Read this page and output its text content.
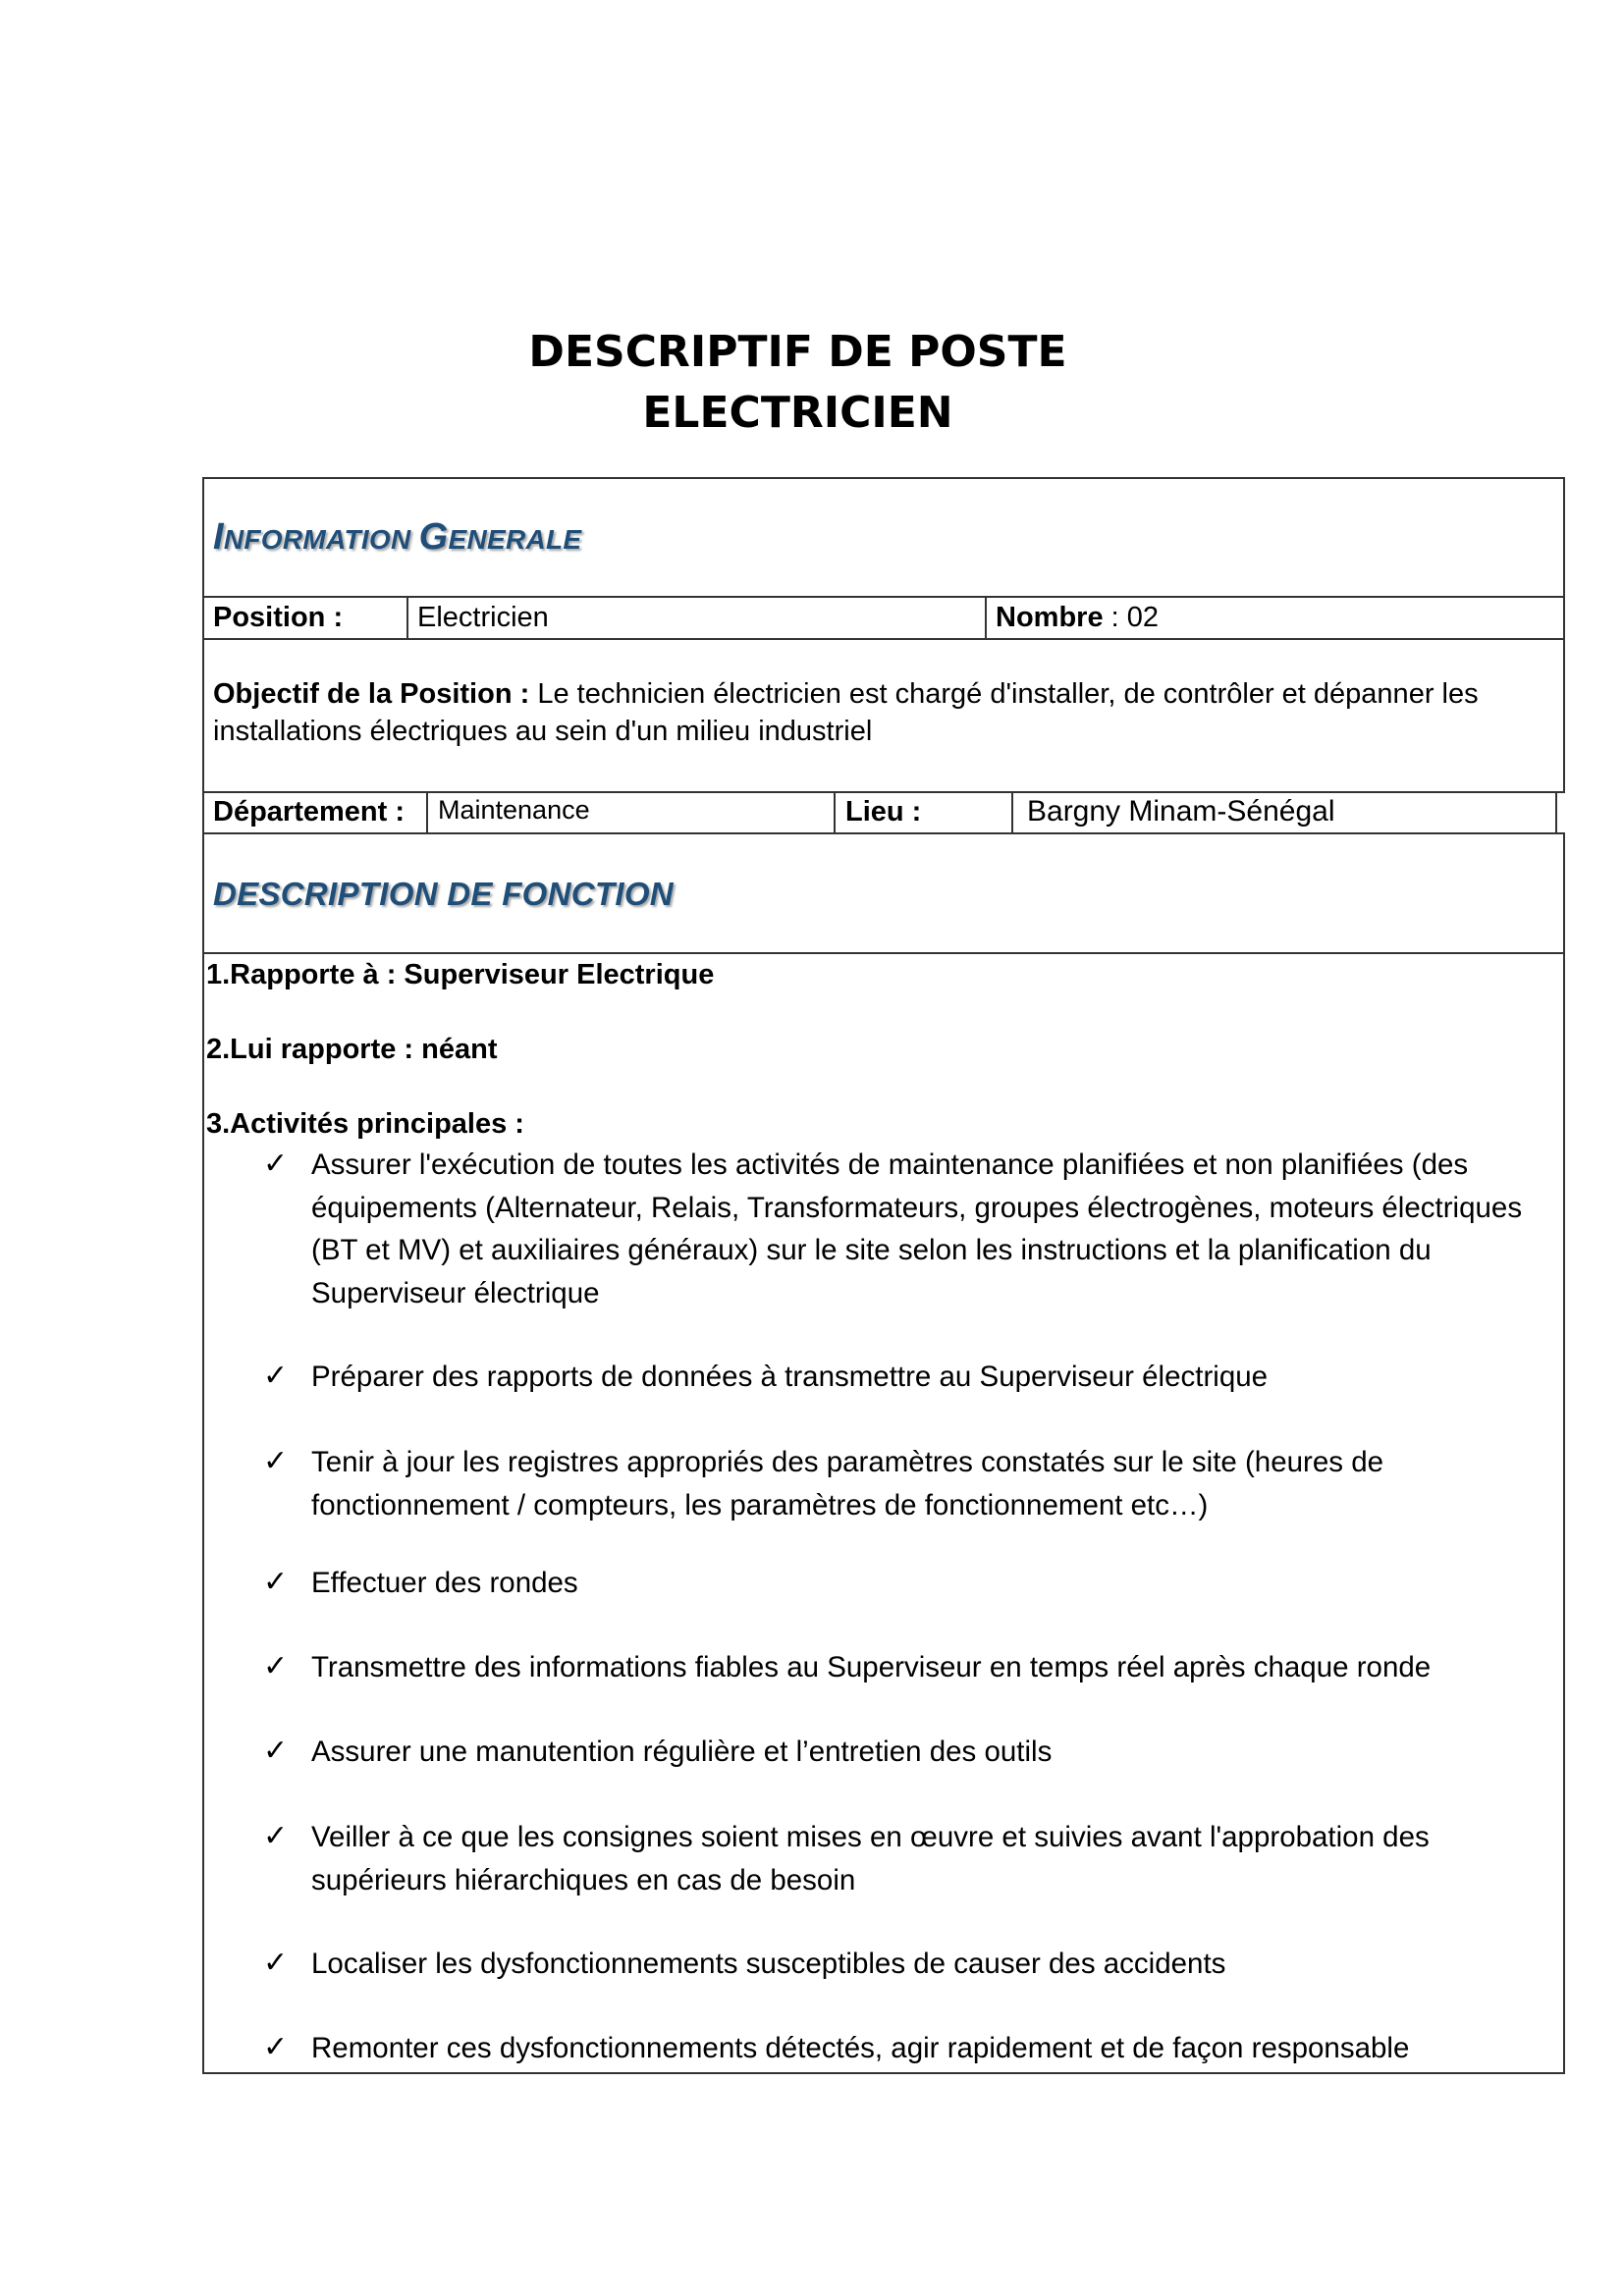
DESCRIPTIF DE POSTE
ELECTRICIEN
INFORMATION GENERALE
Position :	Electricien	Nombre : 02
Objectif de la Position : Le technicien électricien est chargé d'installer, de contrôler et dépanner les installations électriques au sein d'un milieu industriel
Département : Maintenance	Lieu :	Bargny Minam-Sénégal
DESCRIPTION DE FONCTION
1.Rapporte à : Superviseur Electrique
2.Lui rapporte : néant
3.Activités principales :
✓ Assurer l'exécution de toutes les activités de maintenance planifiées et non planifiées (des équipements (Alternateur, Relais, Transformateurs, groupes électrogènes, moteurs électriques (BT et MV) et auxiliaires généraux) sur le site selon les instructions et la planification du Superviseur électrique
✓ Préparer des rapports de données à transmettre au Superviseur électrique
✓ Tenir à jour les registres appropriés des paramètres constatés sur le site (heures de fonctionnement / compteurs, les paramètres de fonctionnement etc…)
✓ Effectuer des rondes
✓ Transmettre des informations fiables au Superviseur en temps réel après chaque ronde
✓ Assurer une manutention régulière et l’entretien des outils
✓ Veiller à ce que les consignes soient mises en œuvre et suivies avant l'approbation des supérieurs hiérarchiques en cas de besoin
✓ Localiser les dysfonctionnements susceptibles de causer des accidents
✓ Remonter ces dysfonctionnements détectés, agir rapidement et de façon responsable
